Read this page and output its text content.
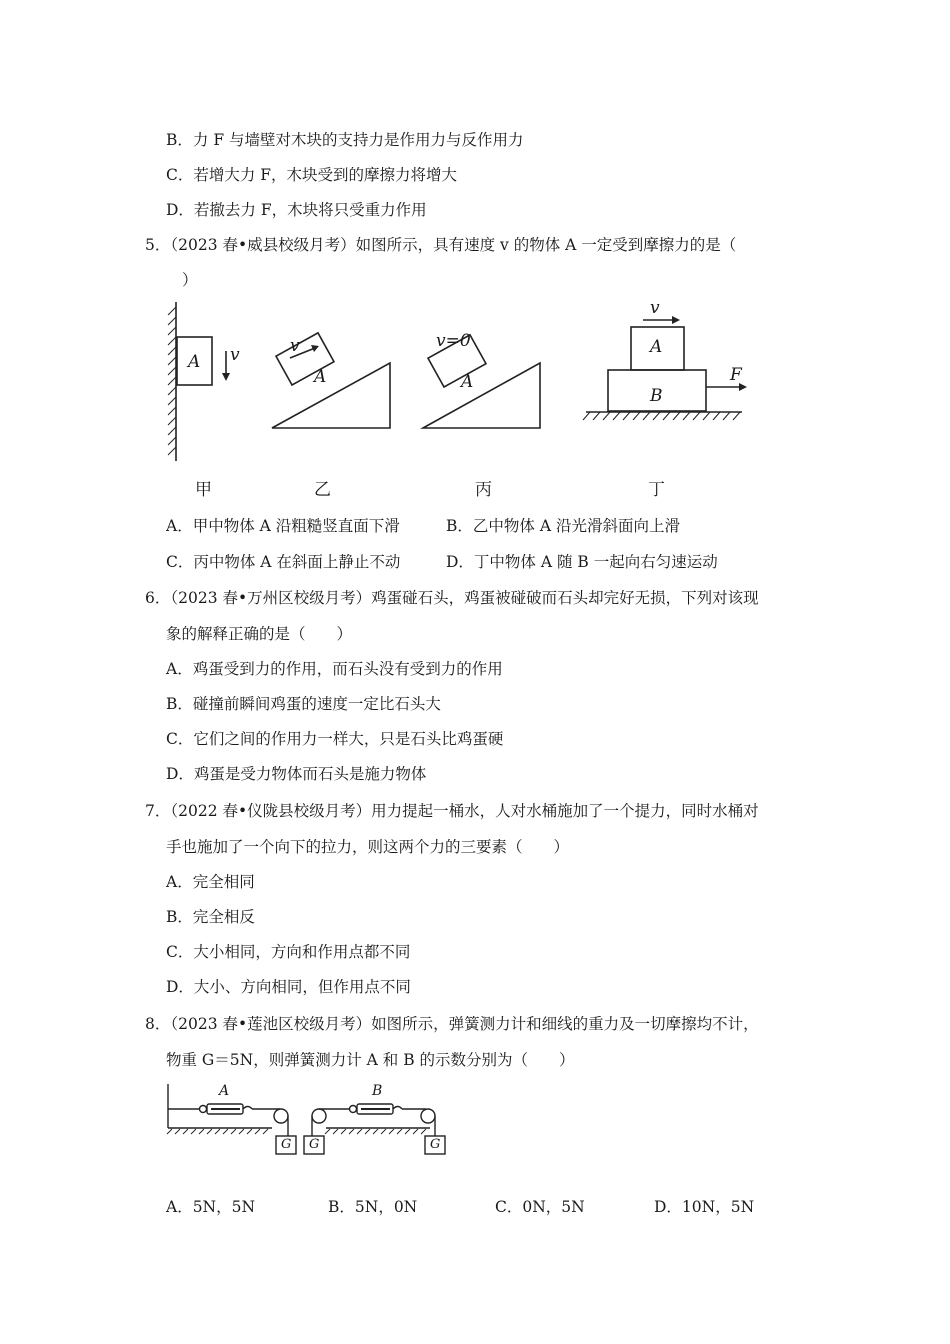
B．力 F 与墙壁对木块的支持力是作用力与反作用力
C．若增大力 F，木块受到的摩擦力将增大
D．若撤去力 F，木块将只受重力作用
5．（2023 春•威县校级月考）如图所示，具有速度 v 的物体 A 一定受到摩擦力的是（
）
A v
A
v
A
v=0	A
B
v
F
甲	乙	丙	丁
A．甲中物体 A 沿粗糙竖直面下滑	B．乙中物体 A 沿光滑斜面向上滑
C．丙中物体 A 在斜面上静止不动	D．丁中物体 A 随 B 一起向右匀速运动
6．（2023 春•万州区校级月考）鸡蛋碰石头，鸡蛋被碰破而石头却完好无损，下列对该现
象的解释正确的是（　　）
A．鸡蛋受到力的作用，而石头没有受到力的作用
B．碰撞前瞬间鸡蛋的速度一定比石头大
C．它们之间的作用力一样大，只是石头比鸡蛋硬
D．鸡蛋是受力物体而石头是施力物体
7．（2022 春•仪陇县校级月考）用力提起一桶水，人对水桶施加了一个提力，同时水桶对
手也施加了一个向下的拉力，则这两个力的三要素（　　）
A．完全相同
B．完全相反
C．大小相同，方向和作用点都不同
D．大小、方向相同，但作用点不同
8．（2023 春•莲池区校级月考）如图所示，弹簧测力计和细线的重力及一切摩擦均不计，
物重 G＝5N，则弹簧测力计 A 和 B 的示数分别为（　　）
A	B
G G	G
A．5N，5N	B．5N，0N	C．0N，5N	D．10N，5N
